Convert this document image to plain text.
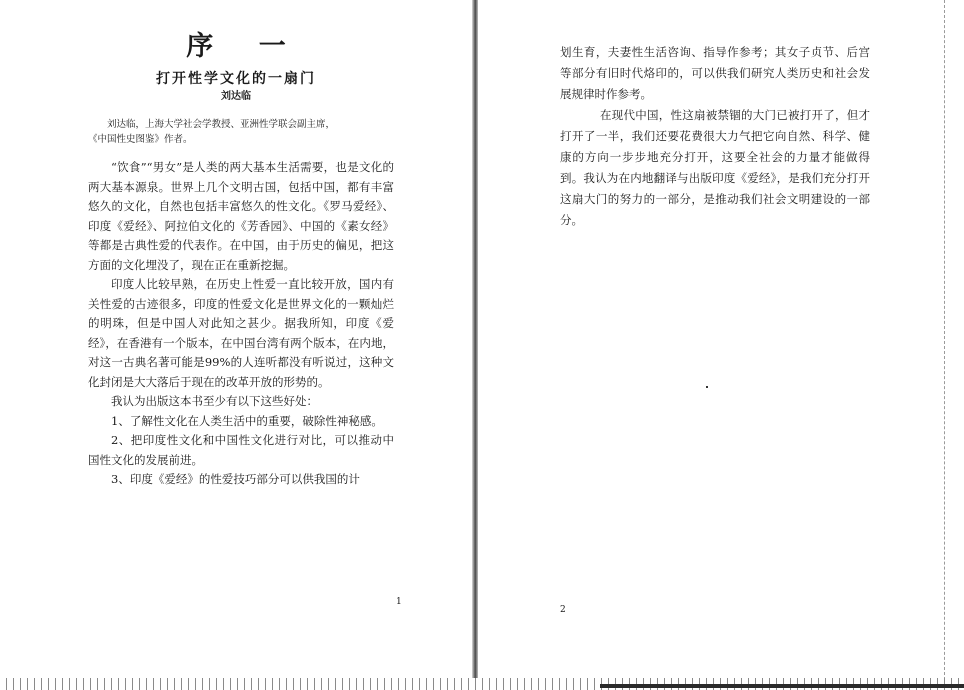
序 一
打开性学文化的一扇门
刘达临

刘达临，上海大学社会学教授、亚洲性学联会副主席，

《中国性史图鉴》作者。

“饮食”“男女”是人类的两大基本生活需要，也是文化的两大基本源泉。世界上几个文明古国，包括中国，都有丰富悠久的文化，自然也包括丰富悠久的性文化。《罗马爱经》、印度《爱经》、阿拉伯文化的《芳香园》、中国的《素女经》等都是古典性爱的代表作。在中国，由于历史的偏见，把这方面的文化埋没了，现在正在重新挖掘。

印度人比较早熟，在历史上性爱一直比较开放，国内有关性爱的古迹很多，印度的性爱文化是世界文化的一颗灿烂的明珠，但是中国人对此知之甚少。据我所知，印度《爱经》，在香港有一个版本，在中国台湾有两个版本，在内地，对这一古典名著可能是99%的人连听都没有听说过，这种文化封闭是大大落后于现在的改革开放的形势的。

我认为出版这本书至少有以下这些好处：

1、了解性文化在人类生活中的重要，破除性神秘感。

2、把印度性文化和中国性文化进行对比，可以推动中国性文化的发展前进。

3、印度《爱经》的性爱技巧部分可以供我国的计

1

划生育，夫妻性生活咨询、指导作参考；其女子贞节、后宫等部分有旧时代烙印的，可以供我们研究人类历史和社会发展规律时作参考。

在现代中国，性这扇被禁锢的大门已被打开了，但才打开了一半，我们还要花费很大力气把它向自然、科学、健康的方向一步步地充分打开，这要全社会的力量才能做得到。我认为在内地翻译与出版印度《爱经》，是我们充分打开这扇大门的努力的一部分，是推动我们社会文明建设的一部分。

2
